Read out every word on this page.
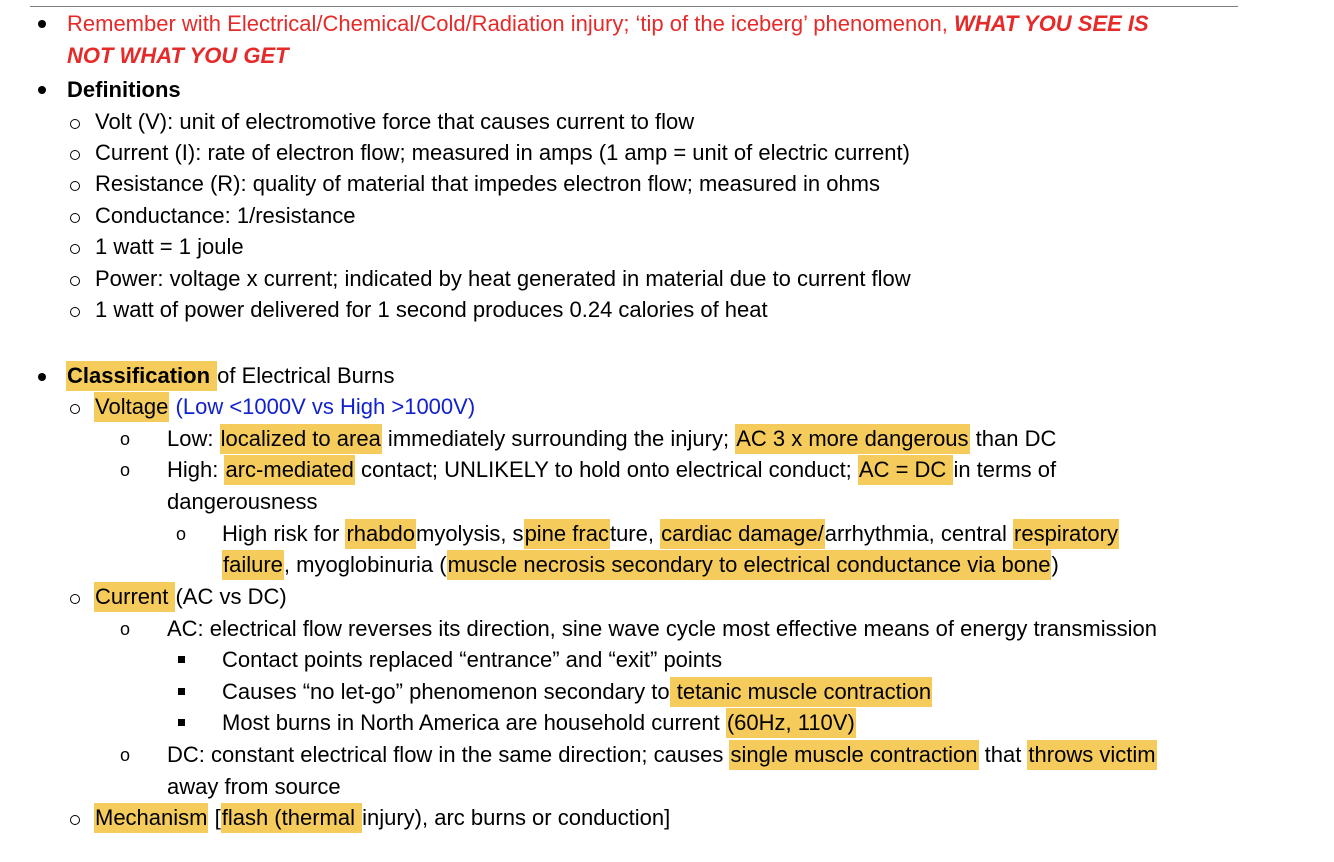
Remember with Electrical/Chemical/Cold/Radiation injury; ‘tip of the iceberg’ phenomenon, WHAT YOU SEE IS
NOT WHAT YOU GET
Definitions
Volt (V): unit of electromotive force that causes current to flow
Current (I): rate of electron flow; measured in amps (1 amp = unit of electric current)
Resistance (R): quality of material that impedes electron flow; measured in ohms
Conductance: 1/resistance
1 watt = 1 joule
Power: voltage x current; indicated by heat generated in material due to current flow
1 watt of power delivered for 1 second produces 0.24 calories of heat
Classification of Electrical Burns
Voltage (Low <1000V vs High >1000V)
o Low: localized to area immediately surrounding the injury; AC 3 x more dangerous than DC
o High: arc-mediated contact; UNLIKELY to hold onto electrical conduct; AC = DC in terms of
dangerousness
o High risk for rhabdomyolysis, spine fracture, cardiac damage/arrhythmia, central respiratory
failure, myoglobinuria (muscle necrosis secondary to electrical conductance via bone)
Current (AC vs DC)
o AC: electrical flow reverses its direction, sine wave cycle most effective means of energy transmission
Contact points replaced “entrance” and “exit” points
Causes “no let-go” phenomenon secondary to tetanic muscle contraction
Most burns in North America are household current (60Hz, 110V)
o DC: constant electrical flow in the same direction; causes single muscle contraction that throws victim
away from source
Mechanism [flash (thermal injury), arc burns or conduction]
